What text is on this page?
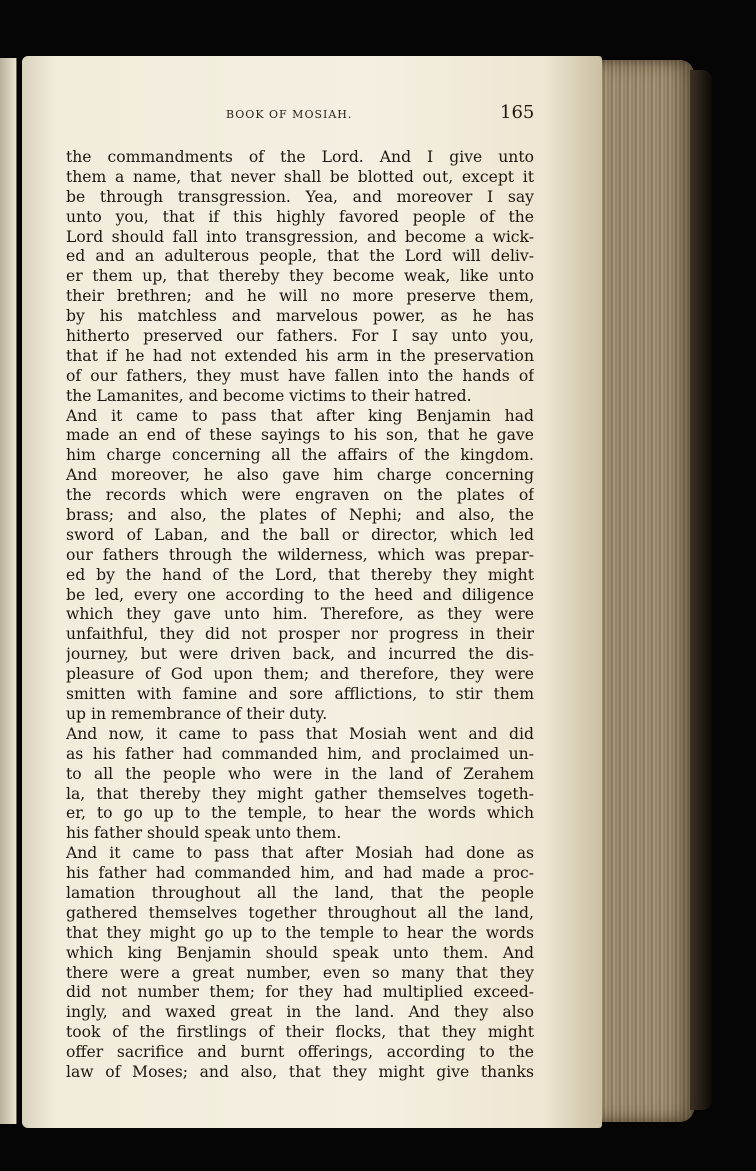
BOOK OF MOSIAH.	165
the commandments of the Lord. And I give unto
them a name, that never shall be blotted out, except it
be through transgression. Yea, and moreover I say
unto you, that if this highly favored people of the
Lord should fall into transgression, and become a wick-
ed and an adulterous people, that the Lord will deliv-
er them up, that thereby they become weak, like unto
their brethren; and he will no more preserve them,
by his matchless and marvelous power, as he has
hitherto preserved our fathers. For I say unto you,
that if he had not extended his arm in the preservation
of our fathers, they must have fallen into the hands of
the Lamanites, and become victims to their hatred.
And it came to pass that after king Benjamin had
made an end of these sayings to his son, that he gave
him charge concerning all the affairs of the kingdom.
And moreover, he also gave him charge concerning
the records which were engraven on the plates of
brass; and also, the plates of Nephi; and also, the
sword of Laban, and the ball or director, which led
our fathers through the wilderness, which was prepar-
ed by the hand of the Lord, that thereby they might
be led, every one according to the heed and diligence
which they gave unto him. Therefore, as they were
unfaithful, they did not prosper nor progress in their
journey, but were driven back, and incurred the dis-
pleasure of God upon them; and therefore, they were
smitten with famine and sore afflictions, to stir them
up in remembrance of their duty.
And now, it came to pass that Mosiah went and did
as his father had commanded him, and proclaimed un-
to all the people who were in the land of Zerahem
la, that thereby they might gather themselves togeth-
er, to go up to the temple, to hear the words which
his father should speak unto them.
And it came to pass that after Mosiah had done as
his father had commanded him, and had made a proc-
lamation throughout all the land, that the people
gathered themselves together throughout all the land,
that they might go up to the temple to hear the words
which king Benjamin should speak unto them. And
there were a great number, even so many that they
did not number them; for they had multiplied exceed-
ingly, and waxed great in the land. And they also
took of the firstlings of their flocks, that they might
offer sacrifice and burnt offerings, according to the
law of Moses; and also, that they might give thanks
